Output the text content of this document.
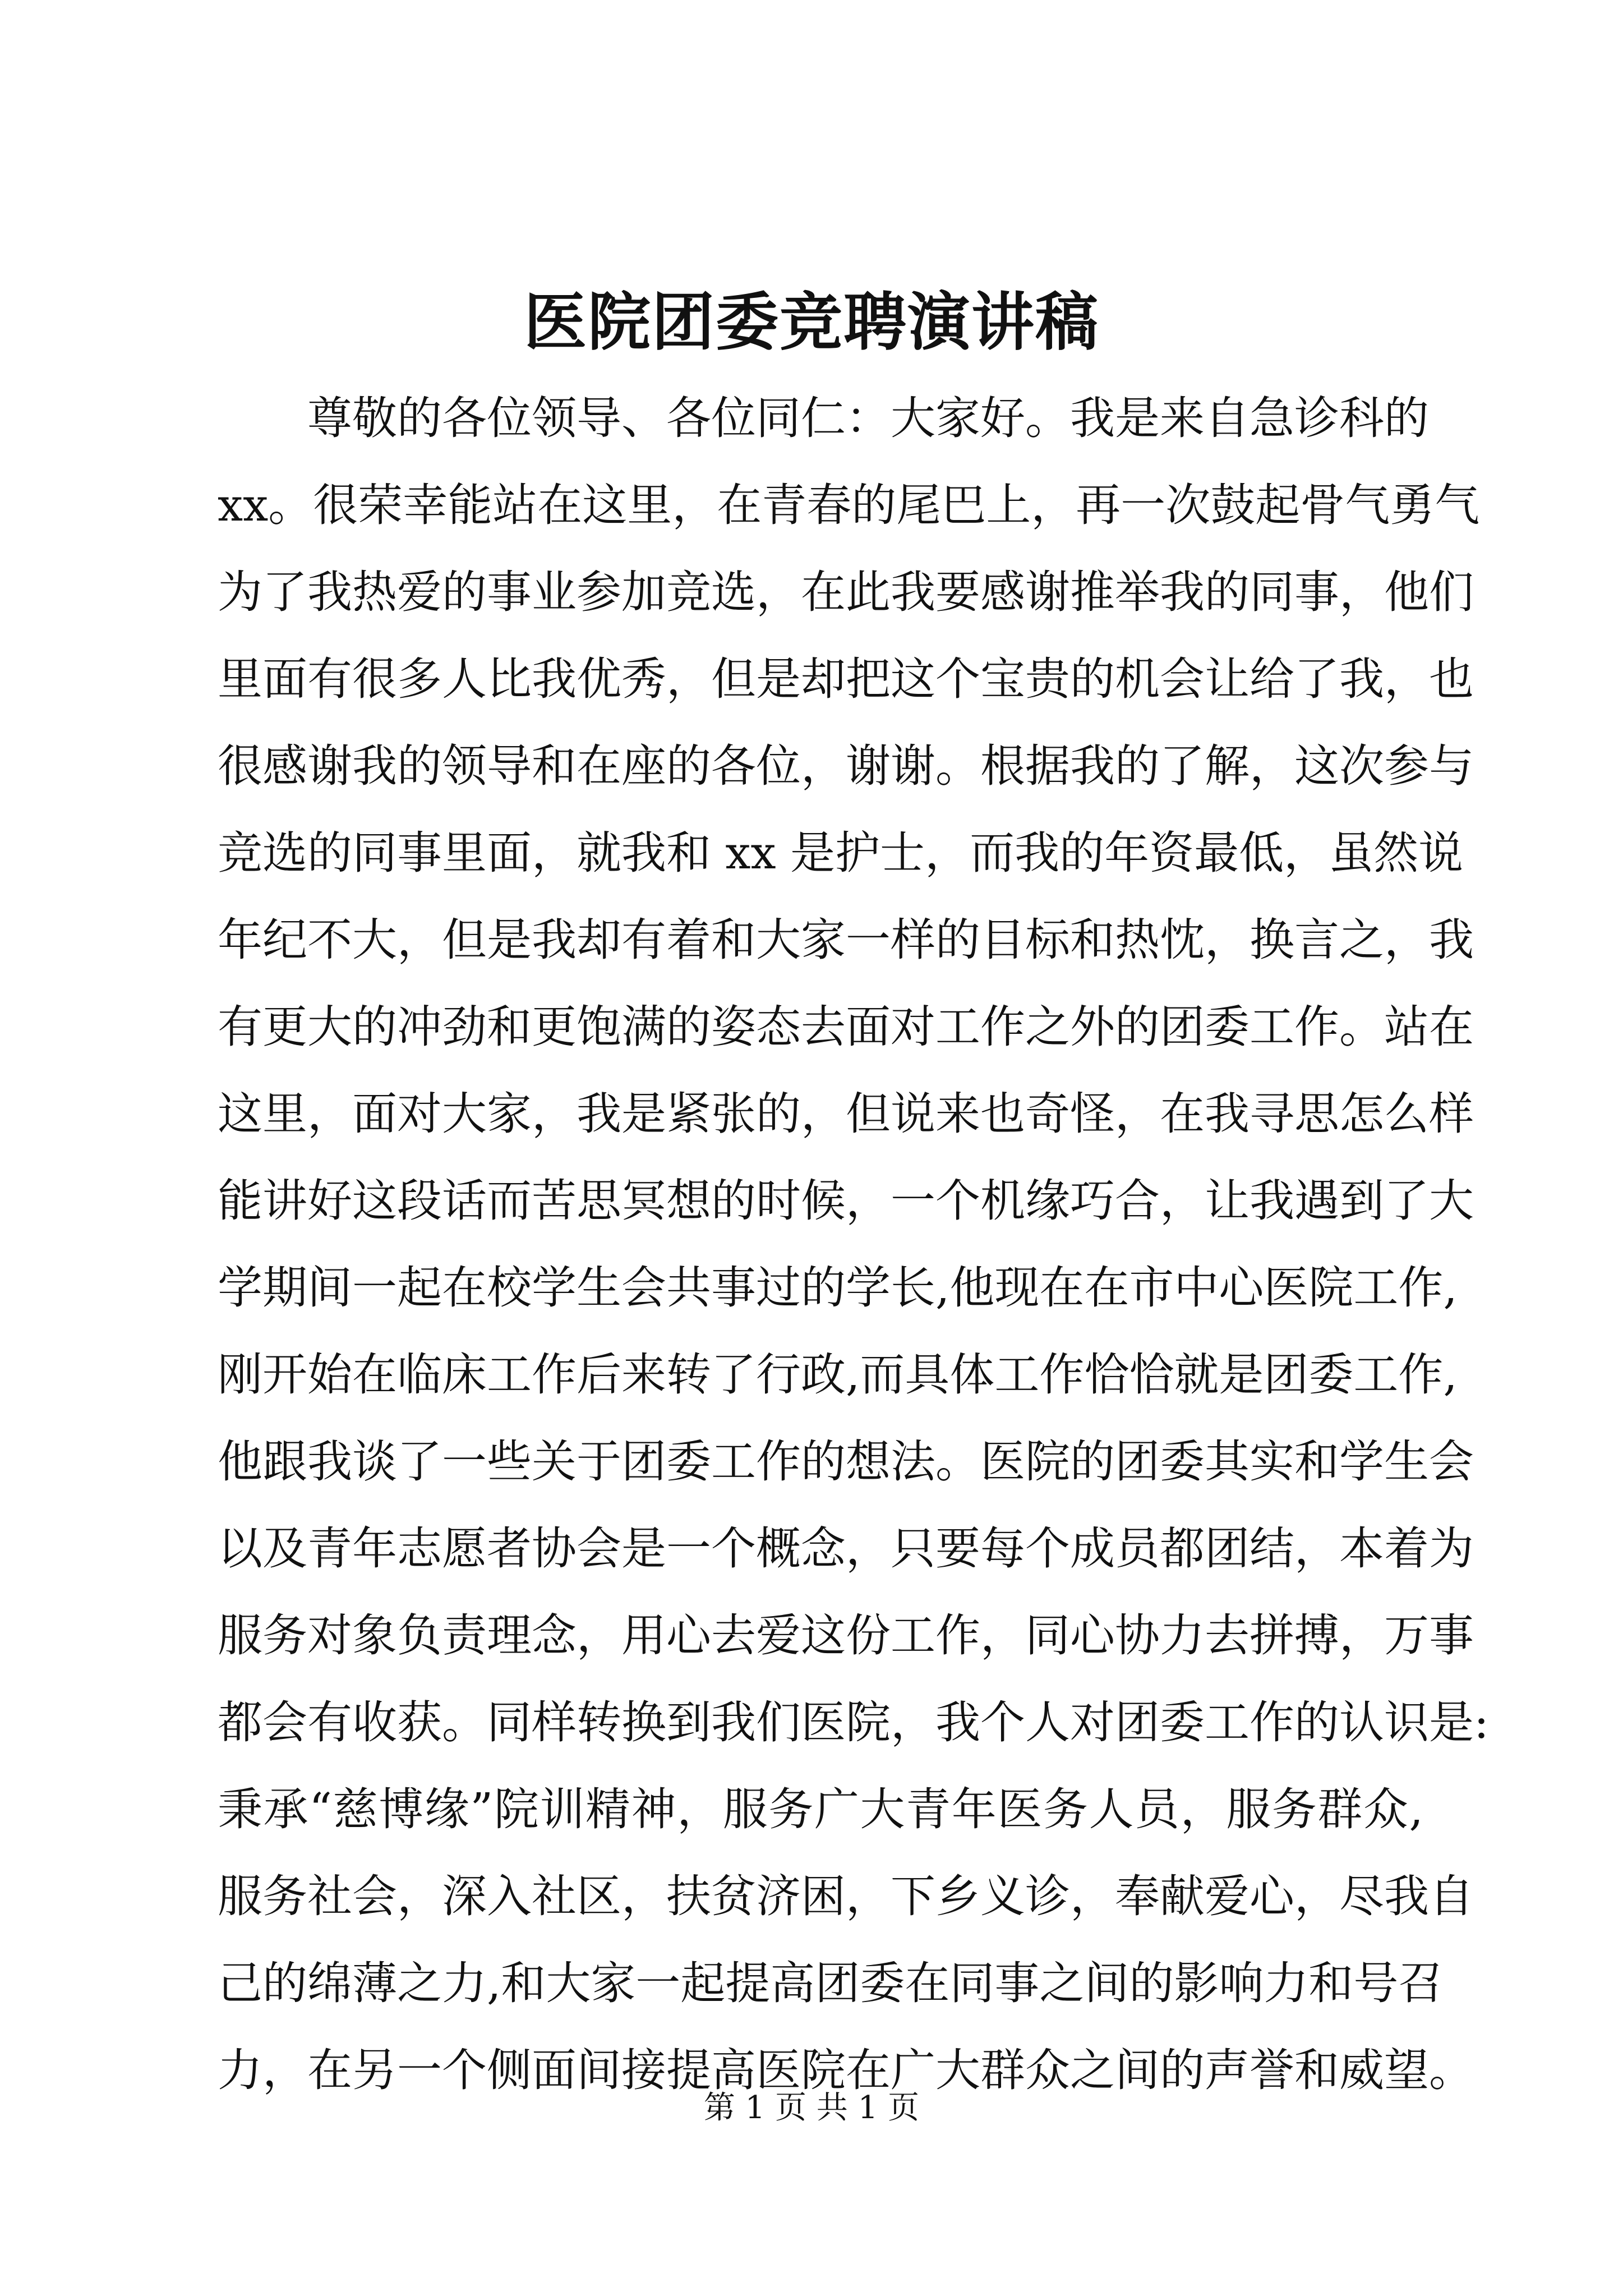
医院团委竞聘演讲稿
尊敬的各位领导、各位同仁：大家好。我是来自急诊科的
xx。很荣幸能站在这里，在青春的尾巴上，再一次鼓起骨气勇气
为了我热爱的事业参加竞选，在此我要感谢推举我的同事，他们
里面有很多人比我优秀，但是却把这个宝贵的机会让给了我，也
很感谢我的领导和在座的各位，谢谢。根据我的了解，这次参与
竞选的同事里面，就我和 xx 是护士，而我的年资最低，虽然说
年纪不大，但是我却有着和大家一样的目标和热忱，换言之，我
有更大的冲劲和更饱满的姿态去面对工作之外的团委工作。站在
这里，面对大家，我是紧张的，但说来也奇怪，在我寻思怎么样
能讲好这段话而苦思冥想的时候，一个机缘巧合，让我遇到了大
学期间一起在校学生会共事过的学长,他现在在市中心医院工作,
刚开始在临床工作后来转了行政,而具体工作恰恰就是团委工作,
他跟我谈了一些关于团委工作的想法。医院的团委其实和学生会
以及青年志愿者协会是一个概念，只要每个成员都团结，本着为
服务对象负责理念，用心去爱这份工作，同心协力去拼搏，万事
都会有收获。同样转换到我们医院，我个人对团委工作的认识是:
秉承“慈博缘”院训精神，服务广大青年医务人员，服务群众,
服务社会，深入社区，扶贫济困，下乡义诊，奉献爱心，尽我自
己的绵薄之力,和大家一起提高团委在同事之间的影响力和号召
力，在另一个侧面间接提高医院在广大群众之间的声誉和威望。
第 1 页 共 1 页
